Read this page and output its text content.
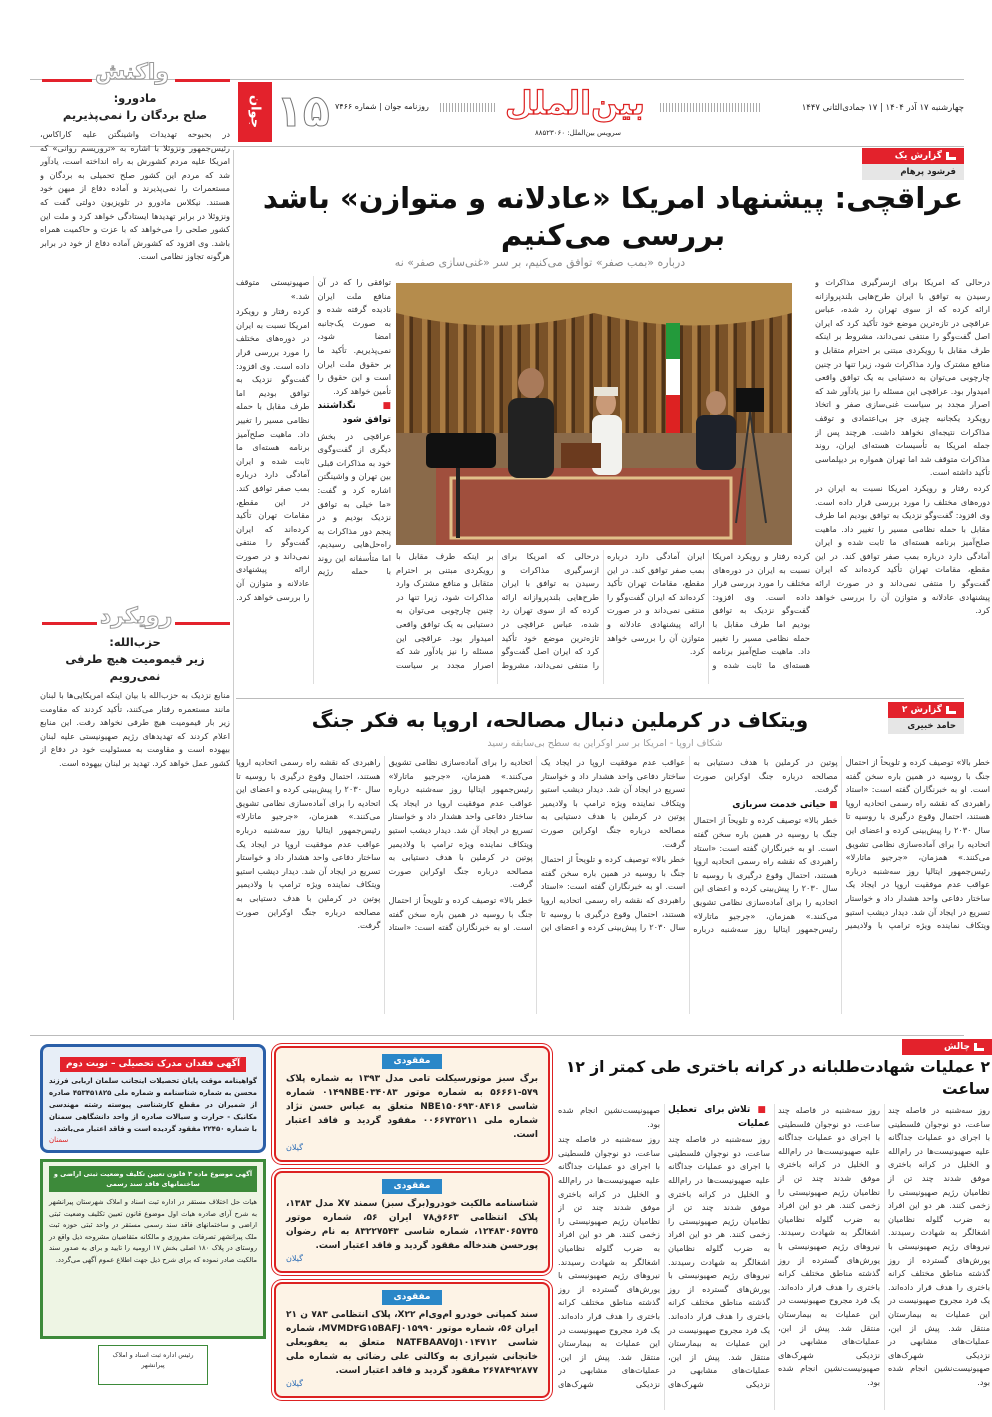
چهارشنبه ۱۷ آذر ۱۴۰۴ | ۱۷ جمادی‌الثانی ۱۴۴۷
بین‌الملل
سرویس بین‌الملل: ۸۸۵۲۳۰۶۰
روزنامه جوان | شماره ۷۴۶۶
۱۵
جوان
واکنش
مادورو:
صلح بردگان را نمی‌پذیریم
در بحبوحه تهدیدات واشینگتن علیه کاراکاس، رئیس‌جمهور ونزوئلا با اشاره به «تروریسم روانی» که امریکا علیه مردم کشورش به راه انداخته است، یادآور شد که مردم این کشور صلح تحمیلی به بردگان و مستعمرات را نمی‌پذیرند و آماده دفاع از میهن خود هستند. نیکلاس مادورو در تلویزیون دولتی گفت که ونزوئلا در برابر تهدیدها ایستادگی خواهد کرد و ملت این کشور صلحی را می‌خواهد که با عزت و حاکمیت همراه باشد. وی افزود که کشورش آماده دفاع از خود در برابر هرگونه تجاوز نظامی است.
رویکرد
حزب‌الله:
زیر قیمومیت هیچ طرفی نمی‌رویم
منابع نزدیک به حزب‌الله با بیان اینکه امریکایی‌ها با لبنان مانند مستعمره رفتار می‌کنند، تأکید کردند که مقاومت زیر بار قیمومیت هیچ طرفی نخواهد رفت. این منابع اعلام کردند که تهدیدهای رژیم صهیونیستی علیه لبنان بیهوده است و مقاومت به مسئولیت خود در دفاع از کشور عمل خواهد کرد. تهدید بر لبنان بیهوده است.
گزارش یک
فرشود پرهام
عراقچی: پیشنهاد امریکا «عادلانه و متوازن» باشد
بررسی می‌کنیم
درباره «بمب صفر» توافق می‌کنیم، بر سر «غنی‌سازی صفر» نه

درحالی که امریکا برای ازسرگیری مذاکرات و رسیدن به توافق با ایران طرح‌هایی بلندپروازانه ارائه کرده که از سوی تهران رد شده، عباس عراقچی در تازه‌ترین موضع خود تأکید کرد که ایران اصل گفت‌وگو را منتفی نمی‌داند، مشروط بر اینکه طرف مقابل با رویکردی مبتنی بر احترام متقابل و منافع مشترک وارد مذاکرات شود، زیرا تنها در چنین چارچوبی می‌توان به دستیابی به یک توافق واقعی امیدوار بود. عراقچی این مسئله را نیز یادآور شد که اصرار مجدد بر سیاست غنی‌سازی صفر و اتخاذ رویکرد یکجانبه چیزی جز بی‌اعتمادی و توقف مذاکرات نتیجه‌ای نخواهد داشت. هرچند پس از جمله امریکا به تأسیسات هسته‌ای ایران، روند مذاکرات متوقف شد اما تهران همواره بر دیپلماسی تأکید داشته است.

کرده رفتار و رویکرد امریکا نسبت به ایران در دوره‌های مختلف را مورد بررسی قرار داده است. وی افزود: گفت‌وگو نزدیک به توافق بودیم اما طرف مقابل با حمله نظامی مسیر را تغییر داد. ماهیت صلح‌آمیز برنامه هسته‌ای ما ثابت شده و ایران آمادگی دارد درباره بمب صفر توافق کند. در این مقطع، مقامات تهران تأکید کرده‌اند که ایران گفت‌وگو را منتفی نمی‌داند و در صورت ارائه پیشنهادی عادلانه و متوازن آن را بررسی خواهد کرد.

توافقی را که در آن منافع ملت ایران نادیده گرفته شده و به صورت یک‌جانبه امضا شود، نمی‌پذیریم. تأکید ما بر حقوق ملت ایران است و این حقوق را تأمین خواهد کرد.

■ نگذاشتند توافق شود

عراقچی در بخش دیگری از گفت‌وگوی خود به مذاکرات قبلی بین تهران و واشینگتن اشاره کرد و گفت: «ما خیلی به توافق نزدیک بودیم و در پنجم دور مذاکرات به راه‌حل‌هایی رسیدیم، اما متأسفانه این روند با حمله رژیم صهیونیستی متوقف شد.»

کرده رفتار و رویکرد امریکا نسبت به ایران در دوره‌های مختلف را مورد بررسی قرار داده است. وی افزود: گفت‌وگو نزدیک به توافق بودیم اما طرف مقابل با حمله نظامی مسیر را تغییر داد. ماهیت صلح‌آمیز برنامه هسته‌ای ما ثابت شده و ایران آمادگی دارد درباره بمب صفر توافق کند. در این مقطع، مقامات تهران تأکید کرده‌اند که ایران گفت‌وگو را منتفی نمی‌داند و در صورت ارائه پیشنهادی عادلانه و متوازن آن را بررسی خواهد کرد.

کرده رفتار و رویکرد امریکا نسبت به ایران در دوره‌های مختلف را مورد بررسی قرار داده است. وی افزود: گفت‌وگو نزدیک به توافق بودیم اما طرف مقابل با حمله نظامی مسیر را تغییر داد. ماهیت صلح‌آمیز برنامه هسته‌ای ما ثابت شده و ایران آمادگی دارد درباره بمب صفر توافق کند. در این مقطع، مقامات تهران تأکید کرده‌اند که ایران گفت‌وگو را منتفی نمی‌داند و در صورت ارائه پیشنهادی عادلانه و متوازن آن را بررسی خواهد کرد.

درحالی که امریکا برای ازسرگیری مذاکرات و رسیدن به توافق با ایران طرح‌هایی بلندپروازانه ارائه کرده که از سوی تهران رد شده، عباس عراقچی در تازه‌ترین موضع خود تأکید کرد که ایران اصل گفت‌وگو را منتفی نمی‌داند، مشروط بر اینکه طرف مقابل با رویکردی مبتنی بر احترام متقابل و منافع مشترک وارد مذاکرات شود، زیرا تنها در چنین چارچوبی می‌توان به دستیابی به یک توافق واقعی امیدوار بود. عراقچی این مسئله را نیز یادآور شد که اصرار مجدد بر سیاست

گزارش ۲
حامد خبیری
ویتکاف در کرملین دنبال مصالحه، اروپا به فکر جنگ
شکاف اروپا - امریکا بر سر اوکراین به سطح بی‌سابقه رسید

خطر بالا» توصیف کرده و تلویحاً از احتمال جنگ با روسیه در همین باره سخن گفته است. او به خبرنگاران گفته است: «استاد راهبردی که نقشه راه رسمی اتحادیه اروپا هستند، احتمال وقوع درگیری با روسیه تا سال ۲۰۳۰ را پیش‌بینی کرده و اعضای این اتحادیه را برای آماده‌سازی نظامی تشویق می‌کنند.» همزمان، «جرجیو ماتارلا» رئیس‌جمهور ایتالیا روز سه‌شنبه درباره عواقب عدم موفقیت اروپا در ایجاد یک ساختار دفاعی واحد هشدار داد و خواستار تسریع در ایجاد آن شد. دیدار دیشب استیو ویتکاف نماینده ویژه ترامپ با ولادیمیر پوتین در کرملین با هدف دستیابی به مصالحه درباره جنگ اوکراین صورت گرفت.

■ حیاتی خدمت سربازی

خطر بالا» توصیف کرده و تلویحاً از احتمال جنگ با روسیه در همین باره سخن گفته است. او به خبرنگاران گفته است: «استاد راهبردی که نقشه راه رسمی اتحادیه اروپا هستند، احتمال وقوع درگیری با روسیه تا سال ۲۰۳۰ را پیش‌بینی کرده و اعضای این اتحادیه را برای آماده‌سازی نظامی تشویق می‌کنند.» همزمان، «جرجیو ماتارلا» رئیس‌جمهور ایتالیا روز سه‌شنبه درباره عواقب عدم موفقیت اروپا در ایجاد یک ساختار دفاعی واحد هشدار داد و خواستار تسریع در ایجاد آن شد. دیدار دیشب استیو ویتکاف نماینده ویژه ترامپ با ولادیمیر پوتین در کرملین با هدف دستیابی به مصالحه درباره جنگ اوکراین صورت گرفت.

خطر بالا» توصیف کرده و تلویحاً از احتمال جنگ با روسیه در همین باره سخن گفته است. او به خبرنگاران گفته است: «استاد راهبردی که نقشه راه رسمی اتحادیه اروپا هستند، احتمال وقوع درگیری با روسیه تا سال ۲۰۳۰ را پیش‌بینی کرده و اعضای این اتحادیه را برای آماده‌سازی نظامی تشویق می‌کنند.» همزمان، «جرجیو ماتارلا» رئیس‌جمهور ایتالیا روز سه‌شنبه درباره عواقب عدم موفقیت اروپا در ایجاد یک ساختار دفاعی واحد هشدار داد و خواستار تسریع در ایجاد آن شد. دیدار دیشب استیو ویتکاف نماینده ویژه ترامپ با ولادیمیر پوتین در کرملین با هدف دستیابی به مصالحه درباره جنگ اوکراین صورت گرفت.

خطر بالا» توصیف کرده و تلویحاً از احتمال جنگ با روسیه در همین باره سخن گفته است. او به خبرنگاران گفته است: «استاد راهبردی که نقشه راه رسمی اتحادیه اروپا هستند، احتمال وقوع درگیری با روسیه تا سال ۲۰۳۰ را پیش‌بینی کرده و اعضای این اتحادیه را برای آماده‌سازی نظامی تشویق می‌کنند.» همزمان، «جرجیو ماتارلا» رئیس‌جمهور ایتالیا روز سه‌شنبه درباره عواقب عدم موفقیت اروپا در ایجاد یک ساختار دفاعی واحد هشدار داد و خواستار تسریع در ایجاد آن شد. دیدار دیشب استیو ویتکاف نماینده ویژه ترامپ با ولادیمیر پوتین در کرملین با هدف دستیابی به مصالحه درباره جنگ اوکراین صورت گرفت.

چالش
۲ عملیات شهادت‌طلبانه در کرانه باختری طی کمتر از ۱۲ ساعت

روز سه‌شنبه در فاصله چند ساعت، دو نوجوان فلسطینی با اجرای دو عملیات جداگانه علیه صهیونیست‌ها در رام‌الله و الخلیل در کرانه باختری موفق شدند چند تن از نظامیان رژیم صهیونیستی را زخمی کنند. هر دو این افراد به ضرب گلوله نظامیان اشغالگر به شهادت رسیدند. نیروهای رژیم صهیونیستی با یورش‌های گسترده از روز گذشته مناطق مختلف کرانه باختری را هدف قرار داده‌اند. یک فرد مجروح صهیونیست در این عملیات به بیمارستان منتقل شد. پیش از این، عملیات‌های مشابهی در نزدیکی شهرک‌های صهیونیست‌نشین انجام شده بود.

روز سه‌شنبه در فاصله چند ساعت، دو نوجوان فلسطینی با اجرای دو عملیات جداگانه علیه صهیونیست‌ها در رام‌الله و الخلیل در کرانه باختری موفق شدند چند تن از نظامیان رژیم صهیونیستی را زخمی کنند. هر دو این افراد به ضرب گلوله نظامیان اشغالگر به شهادت رسیدند. نیروهای رژیم صهیونیستی با یورش‌های گسترده از روز گذشته مناطق مختلف کرانه باختری را هدف قرار داده‌اند. یک فرد مجروح صهیونیست در این عملیات به بیمارستان منتقل شد. پیش از این، عملیات‌های مشابهی در نزدیکی شهرک‌های صهیونیست‌نشین انجام شده بود.

■ تلاش برای تعطیل عملیات

روز سه‌شنبه در فاصله چند ساعت، دو نوجوان فلسطینی با اجرای دو عملیات جداگانه علیه صهیونیست‌ها در رام‌الله و الخلیل در کرانه باختری موفق شدند چند تن از نظامیان رژیم صهیونیستی را زخمی کنند. هر دو این افراد به ضرب گلوله نظامیان اشغالگر به شهادت رسیدند. نیروهای رژیم صهیونیستی با یورش‌های گسترده از روز گذشته مناطق مختلف کرانه باختری را هدف قرار داده‌اند. یک فرد مجروح صهیونیست در این عملیات به بیمارستان منتقل شد. پیش از این، عملیات‌های مشابهی در نزدیکی شهرک‌های صهیونیست‌نشین انجام شده بود.

روز سه‌شنبه در فاصله چند ساعت، دو نوجوان فلسطینی با اجرای دو عملیات جداگانه علیه صهیونیست‌ها در رام‌الله و الخلیل در کرانه باختری موفق شدند چند تن از نظامیان رژیم صهیونیستی را زخمی کنند. هر دو این افراد به ضرب گلوله نظامیان اشغالگر به شهادت رسیدند. نیروهای رژیم صهیونیستی با یورش‌های گسترده از روز گذشته مناطق مختلف کرانه باختری را هدف قرار داده‌اند. یک فرد مجروح صهیونیست در این عملیات به بیمارستان منتقل شد. پیش از این، عملیات‌های مشابهی در نزدیکی شهرک‌های

مفقودی
برگ سبز موتورسیکلت تامی مدل ۱۳۹۳ به شماره پلاک ۵۷۹-۵۶۶۶۱ به شماره موتور ۰۱۴۹NBE۰۳۴۰۸۳ شماره شاسی NBE۱۵۰۶۹۳۰۸۴۱۶ متعلق به عباس حسن نژاد شماره ملی ۰۰۶۶۷۳۵۲۱۱ مفقود گردید و فاقد اعتبار است.
گیلان
مفقودی
شناسنامه مالکیت خودرو(برگ سبز) سمند X۷ مدل ۱۳۸۳، پلاک انتظامی ۶۶۳ق۷۸ ایران ۵۶، شماره موتور ۱۲۴۸۳۰۶۵۷۳۵، شماره شاسی ۸۳۲۲۷۵۴۳ به نام رضوان پورحسن هندخاله مفقود گردید و فاقد اعتبار است.
گیلان
مفقودی
سند کمپانی خودرو ام‌وی‌ام X۲۲، پلاک انتظامی ۷۸۳ ن ۲۱ ایران ۵۶، شماره موتور MVMD۴G۱۵BAFJ۰۱۵۹۹۰، شماره شاسی NATFBAAV۵J۱۰۱۴۷۱۲ متعلق به یعقوبعلی خانجانی شیرازی به وکالتی علی رضائی به شماره ملی ۲۶۷۸۴۹۲۸۷۷ مفقود گردید و فاقد اعتبار است.
گیلان
آگهی فقدان مدرک تحصیلی – نوبت دوم
گواهینامه موقت پایان تحصیلات اینجانب سلمان اربابی فرزند محسن به شماره شناسنامه و شماره ملی ۴۵۳۴۵۱۸۲۵ صادره از شمیران در مقطع کارشناسی پیوسته رشته مهندسی مکانیک - حرارت و سیالات صادره از واحد دانشگاهی سمنان با شماره ۲۲۴۵۰ مفقود گردیده است و فاقد اعتبار می‌باشد.
سمنان
آگهی موضوع ماده ۳ قانون تعیین تکلیف وضعیت ثبتی اراضی و ساختمانهای فاقد سند رسمی
هیات حل اختلاف مستقر در اداره ثبت اسناد و املاک شهرستان پیرانشهر به شرح آرای صادره هیات اول موضوع قانون تعیین تکلیف وضعیت ثبتی اراضی و ساختمانهای فاقد سند رسمی مستقر در واحد ثبتی حوزه ثبت ملک پیرانشهر تصرفات مفروزی و مالکانه متقاضیان مشروحه ذیل واقع در روستای در پلاک ۱۸۰ اصلی بخش ۱۷ ارومیه را تایید و برای به صدور سند مالکیت صادر نموده که برای شرح ذیل جهت اطلاع عموم آگهی می‌گردد.
رئیس اداره ثبت اسناد و املاک پیرانشهر
